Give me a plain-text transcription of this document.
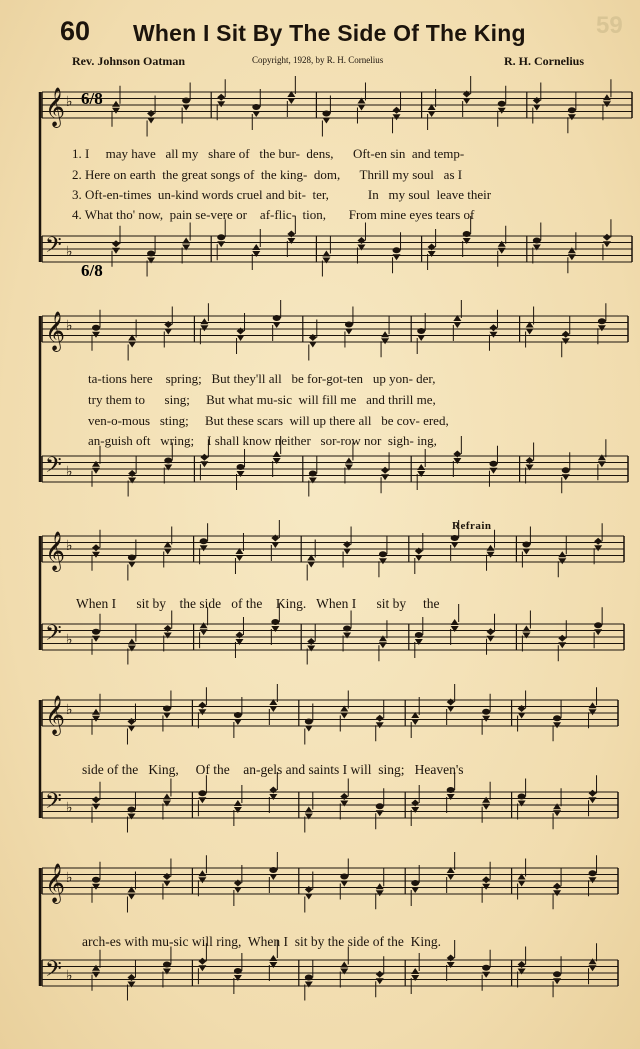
60 When I Sit By The Side Of The King	59
Rev. Johnson Oatman	Copyright, 1928, by R. H. Cornelius	R. H. Cornelius
6/8
6/8
𝄞 ♭
𝄢 ♭
𝄞 ♭
𝄢 ♭
𝄞 ♭
𝄢 ♭
𝄞 ♭
𝄢 ♭
𝄞 ♭
𝄢 ♭
1. I may have all my share of the bur- dens, Oft-en sin and temp-
2. Here on earth the great songs of the king- dom, Thrill my soul as I
3. Oft-en-times un-kind words cruel and bit- ter,	In my soul leave their
4. What tho' now, pain se-vere or af-flic- tion, From mine eyes tears of
ta-tions here spring; But they'll all be for-got-ten up yon- der,
try them to sing; But what mu-sic will fill me and thrill me,
ven-o-mous sting; But these scars will up there all be cov- ered,
an-guish oft wring; I shall know neither sor-row nor sigh- ing,
Refrain
When I sit by the side of the King. When I sit by the
side of the King, Of the an-gels and saints I will sing; Heaven's
arch-es with mu-sic will ring, When I sit by the side of the King.
